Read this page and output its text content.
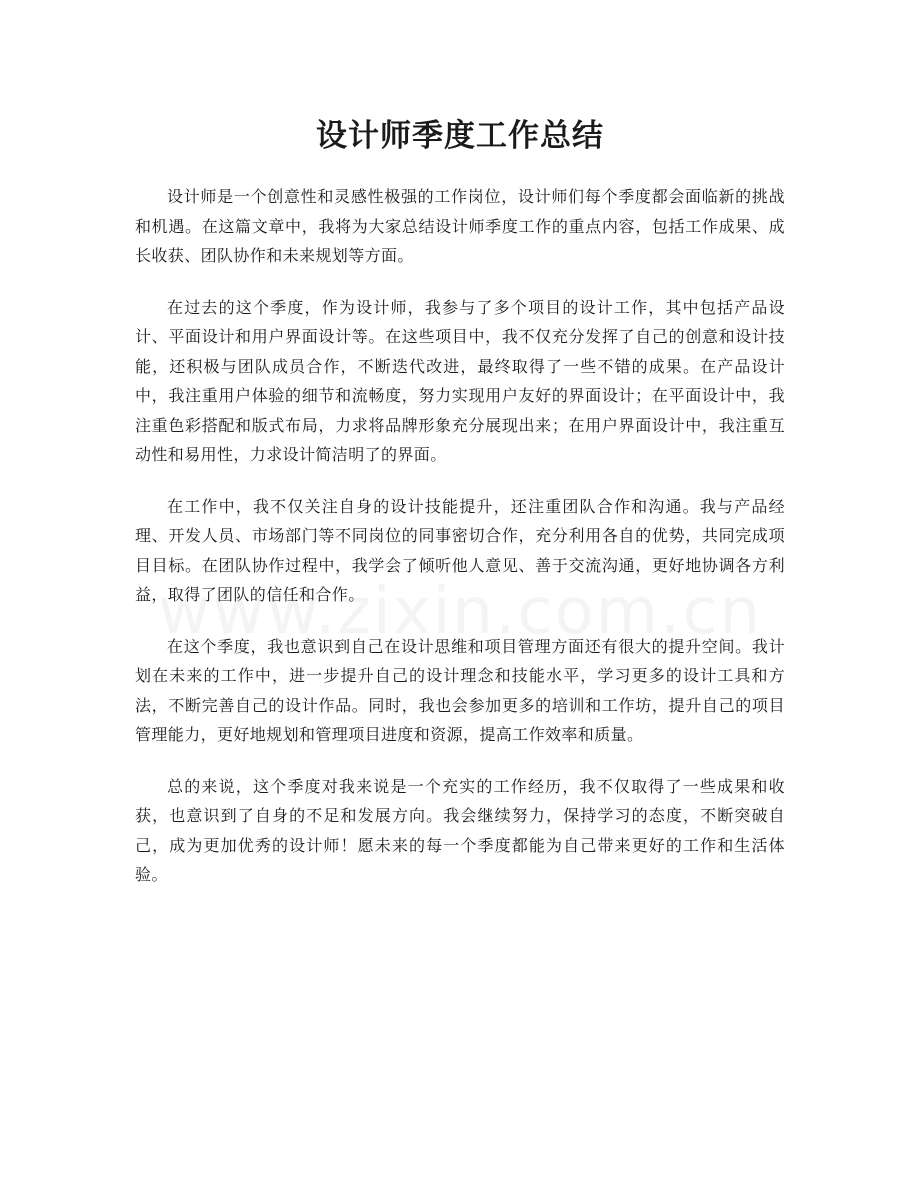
设计师季度工作总结

设计师是一个创意性和灵感性极强的工作岗位，设计师们每个季度都会面临新的挑战和机遇。在这篇文章中，我将为大家总结设计师季度工作的重点内容，包括工作成果、成长收获、团队协作和未来规划等方面。

在过去的这个季度，作为设计师，我参与了多个项目的设计工作，其中包括产品设计、平面设计和用户界面设计等。在这些项目中，我不仅充分发挥了自己的创意和设计技能，还积极与团队成员合作，不断迭代改进，最终取得了一些不错的成果。在产品设计中，我注重用户体验的细节和流畅度，努力实现用户友好的界面设计；在平面设计中，我注重色彩搭配和版式布局，力求将品牌形象充分展现出来；在用户界面设计中，我注重互动性和易用性，力求设计简洁明了的界面。

在工作中，我不仅关注自身的设计技能提升，还注重团队合作和沟通。我与产品经理、开发人员、市场部门等不同岗位的同事密切合作，充分利用各自的优势，共同完成项目目标。在团队协作过程中，我学会了倾听他人意见、善于交流沟通，更好地协调各方利益，取得了团队的信任和合作。

在这个季度，我也意识到自己在设计思维和项目管理方面还有很大的提升空间。我计划在未来的工作中，进一步提升自己的设计理念和技能水平，学习更多的设计工具和方法，不断完善自己的设计作品。同时，我也会参加更多的培训和工作坊，提升自己的项目管理能力，更好地规划和管理项目进度和资源，提高工作效率和质量。

总的来说，这个季度对我来说是一个充实的工作经历，我不仅取得了一些成果和收获，也意识到了自身的不足和发展方向。我会继续努力，保持学习的态度，不断突破自己，成为更加优秀的设计师！愿未来的每一个季度都能为自己带来更好的工作和生活体验。
